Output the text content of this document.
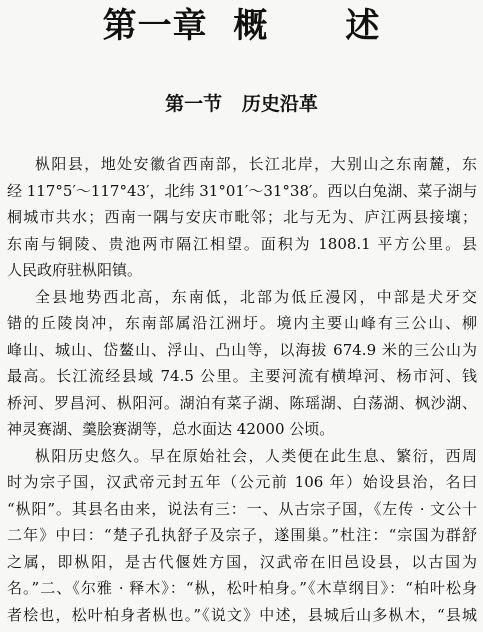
第一章  概      述
第一节   历史沿革

枞阳县，地处安徽省西南部，长江北岸，大别山之东南麓，东
经 117°5′～117°43′，北纬 31°01′～31°38′。西以白兔湖、菜子湖与
桐城市共水；西南一隅与安庆市毗邻；北与无为、庐江两县接壤；
东南与铜陵、贵池两市隔江相望。面积为 1808.1 平方公里。县
人民政府驻枞阳镇。

全县地势西北高，东南低，北部为低丘漫冈，中部是犬牙交
错的丘陵岗冲，东南部属沿江洲圩。境内主要山峰有三公山、柳
峰山、城山、岱鳌山、浮山、凸山等，以海拔 674.9 米的三公山为
最高。长江流经县域 74.5 公里。主要河流有横埠河、杨市河、钱
桥河、罗昌河、枞阳河。湖泊有菜子湖、陈瑶湖、白荡湖、枫沙湖、
神灵赛湖、羹脍赛湖等，总水面达 42000 公顷。

枞阳历史悠久。早在原始社会，人类便在此生息、繁衍，西周
时为宗子国，汉武帝元封五年（公元前 106 年）始设县治，名曰
“枞阳”。其县名由来，说法有三：一、从古宗子国，《左传 · 文公十
二年》中曰：“楚子孔执舒子及宗子，遂围巢。”杜注：“宗国为群舒
之属，即枞阳，是古代偃姓方国，汉武帝在旧邑设县，以古国为
名。”二、《尔雅 · 释木》：“枞，松叶柏身。”《木草纲目》：“柏叶松身
者桧也，松叶柏身者枞也。”《说文》中述，县城后山多枞木，“县城
